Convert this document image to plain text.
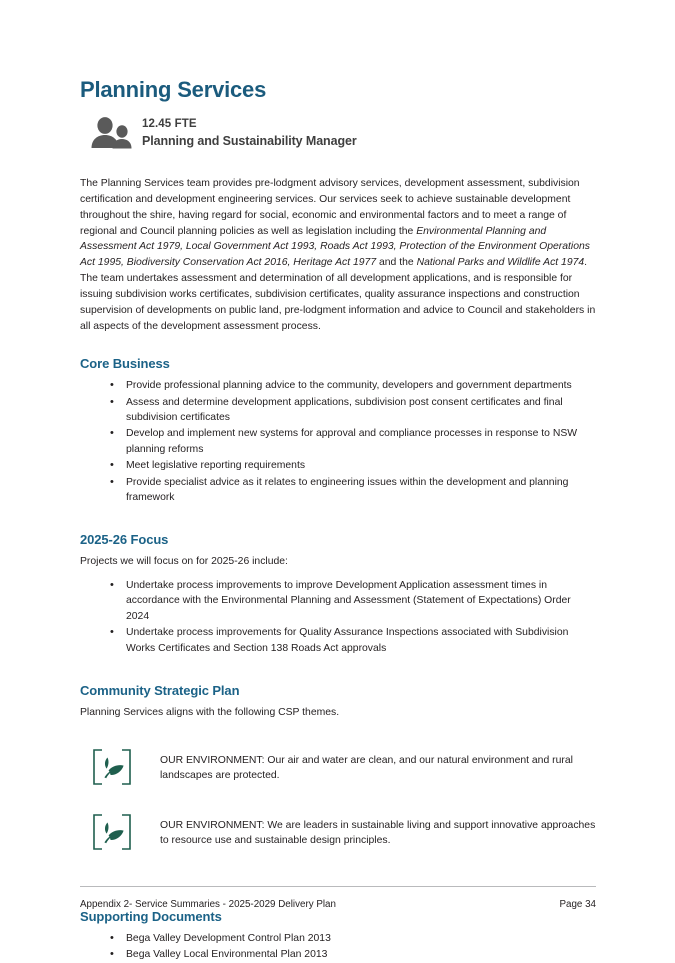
Planning Services
12.45 FTE
Planning and Sustainability Manager

The Planning Services team provides pre-lodgment advisory services, development assessment, subdivision certification and development engineering services. Our services seek to achieve sustainable development throughout the shire, having regard for social, economic and environmental factors and to meet a range of regional and Council planning policies as well as legislation including the Environmental Planning and Assessment Act 1979, Local Government Act 1993, Roads Act 1993, Protection of the Environment Operations Act 1995, Biodiversity Conservation Act 2016, Heritage Act 1977 and the National Parks and Wildlife Act 1974. The team undertakes assessment and determination of all development applications, and is responsible for issuing subdivision works certificates, subdivision certificates, quality assurance inspections and construction supervision of developments on public land, pre-lodgment information and advice to Council and stakeholders in all aspects of the development assessment process.

Core Business
• Provide professional planning advice to the community, developers and government departments
• Assess and determine development applications, subdivision post consent certificates and final subdivision certificates
• Develop and implement new systems for approval and compliance processes in response to NSW planning reforms
• Meet legislative reporting requirements
• Provide specialist advice as it relates to engineering issues within the development and planning framework
2025-26 Focus

Projects we will focus on for 2025-26 include:

• Undertake process improvements to improve Development Application assessment times in accordance with the Environmental Planning and Assessment (Statement of Expectations) Order 2024
• Undertake process improvements for Quality Assurance Inspections associated with Subdivision Works Certificates and Section 138 Roads Act approvals
Community Strategic Plan

Planning Services aligns with the following CSP themes.

OUR ENVIRONMENT: Our air and water are clean, and our natural environment and rural landscapes are protected.
OUR ENVIRONMENT: We are leaders in sustainable living and support innovative approaches to resource use and sustainable design principles.
Supporting Documents
• Bega Valley Development Control Plan 2013
• Bega Valley Local Environmental Plan 2013
Appendix 2- Service Summaries - 2025-2029 Delivery Plan	Page 34
